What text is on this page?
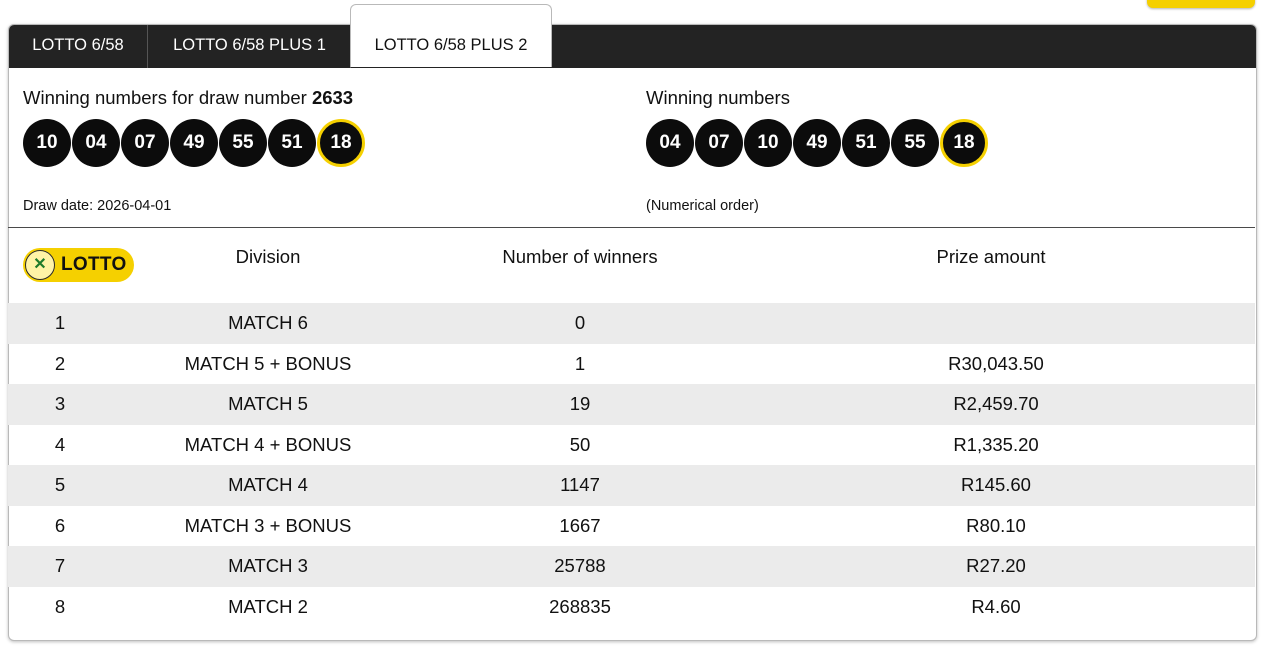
LOTTO 6/58	LOTTO 6/58 PLUS 1	LOTTO 6/58 PLUS 2

Winning numbers for draw number 2633

10	04	07	49	55	51	18
Draw date: 2026-04-01

Winning numbers

04	07	10	49	51	55	18
(Numerical order)
✕ LOTTO	Division	Number of winners	Prize amount
1	MATCH 6	0
2	MATCH 5 + BONUS	1	R30,043.50
3	MATCH 5	19	R2,459.70
4	MATCH 4 + BONUS	50	R1,335.20
5	MATCH 4	1147	R145.60
6	MATCH 3 + BONUS	1667	R80.10
7	MATCH 3	25788	R27.20
8	MATCH 2	268835	R4.60
